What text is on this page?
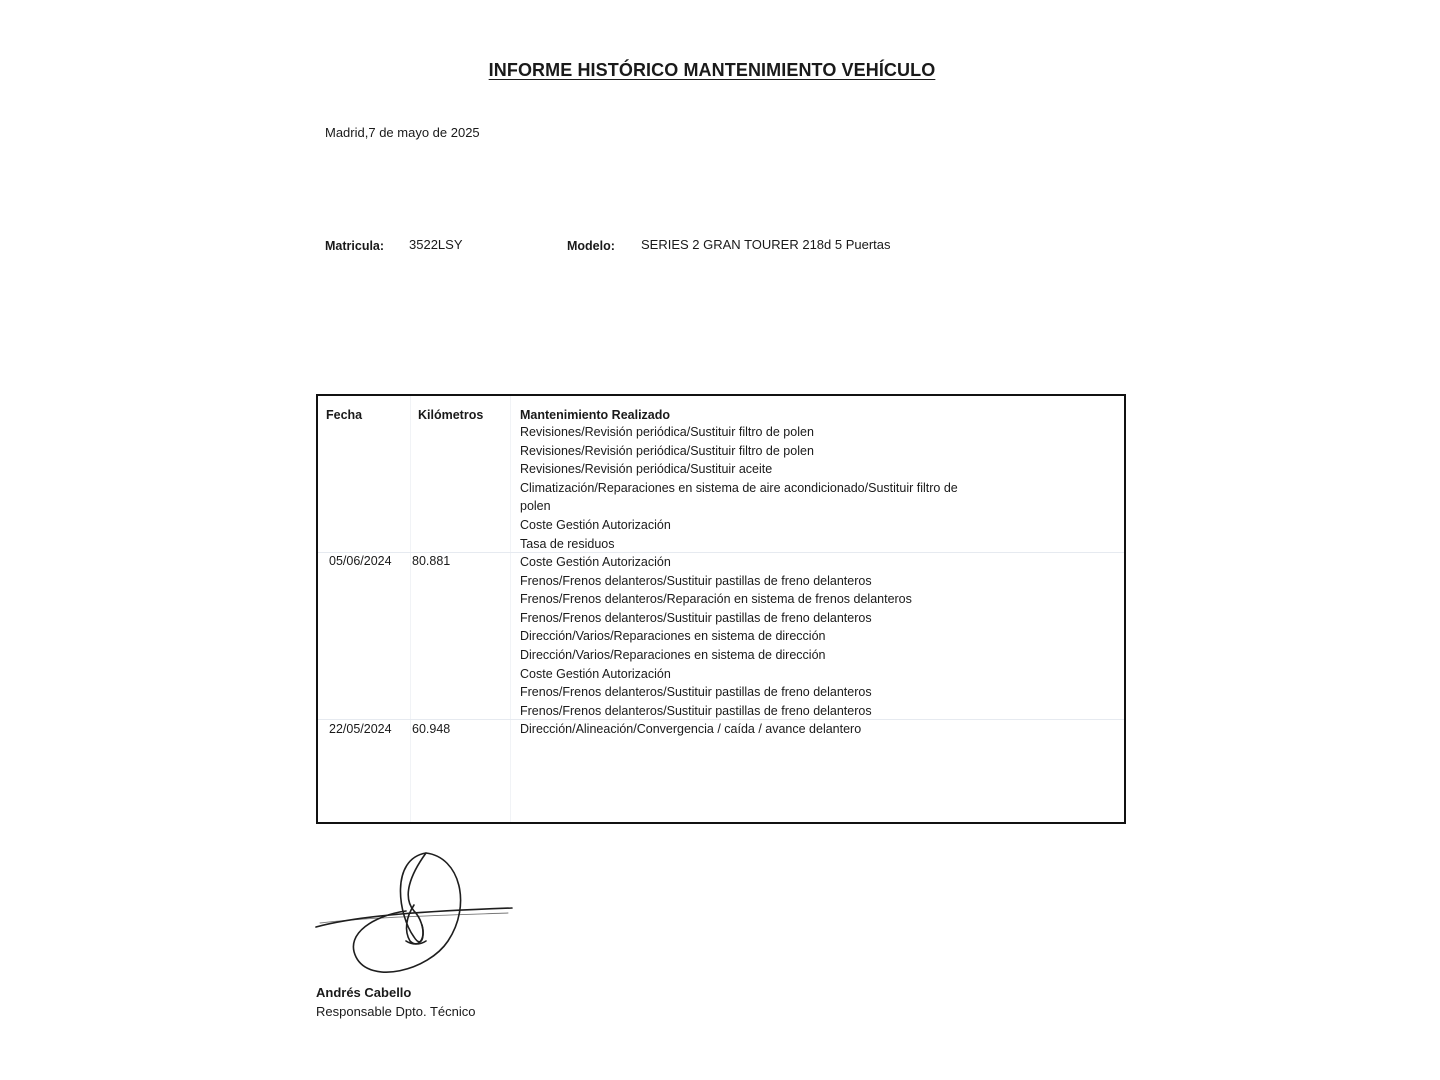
INFORME HISTÓRICO MANTENIMIENTO VEHÍCULO
Madrid,7 de mayo de 2025
Matricula: 3522LSY	Modelo: SERIES 2 GRAN TOURER 218d 5 Puertas
Fecha	Kilómetros	Mantenimiento Realizado
Revisiones/Revisión periódica/Sustituir filtro de polen
Revisiones/Revisión periódica/Sustituir filtro de polen
Revisiones/Revisión periódica/Sustituir aceite
Climatización/Reparaciones en sistema de aire acondicionado/Sustituir filtro de
polen
Coste Gestión Autorización
Tasa de residuos
05/06/2024 80.881	Coste Gestión Autorización
Frenos/Frenos delanteros/Sustituir pastillas de freno delanteros
Frenos/Frenos delanteros/Reparación en sistema de frenos delanteros
Frenos/Frenos delanteros/Sustituir pastillas de freno delanteros
Dirección/Varios/Reparaciones en sistema de dirección
Dirección/Varios/Reparaciones en sistema de dirección
Coste Gestión Autorización
Frenos/Frenos delanteros/Sustituir pastillas de freno delanteros
Frenos/Frenos delanteros/Sustituir pastillas de freno delanteros
22/05/2024 60.948	Dirección/Alineación/Convergencia / caída / avance delantero
Andrés Cabello
Responsable Dpto. Técnico
